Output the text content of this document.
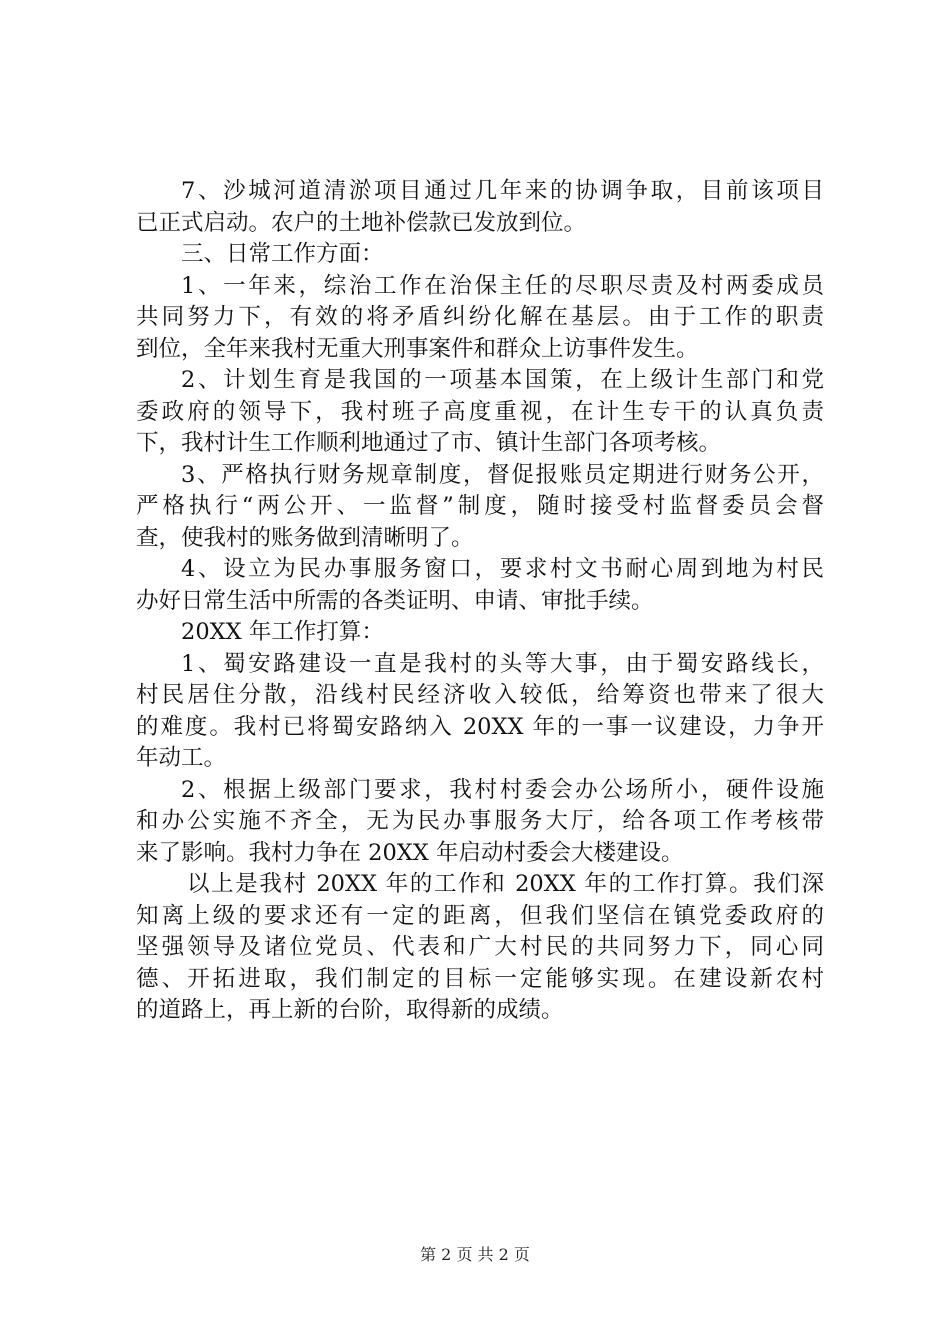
7、沙城河道清淤项目通过几年来的协调争取，目前该项目
已正式启动。农户的土地补偿款已发放到位。
三、日常工作方面：
1、一年来，综治工作在治保主任的尽职尽责及村两委成员
共同努力下，有效的将矛盾纠纷化解在基层。由于工作的职责
到位，全年来我村无重大刑事案件和群众上访事件发生。
2、计划生育是我国的一项基本国策，在上级计生部门和党
委政府的领导下，我村班子高度重视，在计生专干的认真负责
下，我村计生工作顺利地通过了市、镇计生部门各项考核。
3、严格执行财务规章制度，督促报账员定期进行财务公开，
严格执行“两公开、一监督”制度，随时接受村监督委员会督
查，使我村的账务做到清晰明了。
4、设立为民办事服务窗口，要求村文书耐心周到地为村民
办好日常生活中所需的各类证明、申请、审批手续。
20XX 年工作打算：
1、蜀安路建设一直是我村的头等大事，由于蜀安路线长，
村民居住分散，沿线村民经济收入较低，给筹资也带来了很大
的难度。我村已将蜀安路纳入 20XX 年的一事一议建设，力争开
年动工。
2、根据上级部门要求，我村村委会办公场所小，硬件设施
和办公实施不齐全，无为民办事服务大厅，给各项工作考核带
来了影响。我村力争在 20XX 年启动村委会大楼建设。
以上是我村 20XX 年的工作和 20XX 年的工作打算。我们深
知离上级的要求还有一定的距离，但我们坚信在镇党委政府的
坚强领导及诸位党员、代表和广大村民的共同努力下，同心同
德、开拓进取，我们制定的目标一定能够实现。在建设新农村
的道路上，再上新的台阶，取得新的成绩。
第 2 页 共 2 页
